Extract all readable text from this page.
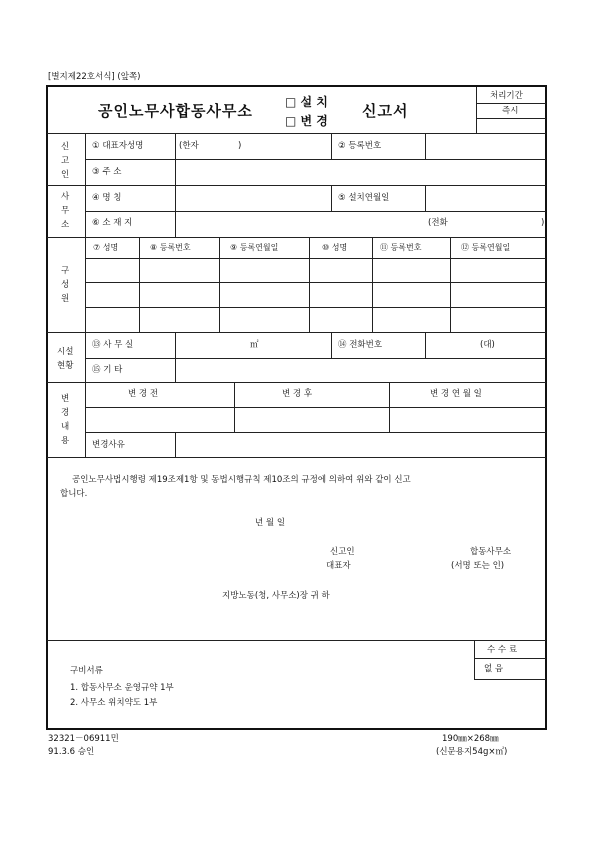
[별지제22호서식] (앞쪽)
공인노무사합동사무소	□ 설 치
□ 변 경
신고서
처리기간
즉시
신
고
인
① 대표자성명	(한자	)	② 등록번호
③ 주 소
사
무
소
④ 명 칭	⑤ 설치연월일
⑥ 소 재 지	(전화	)
구
성
원
⑦ 성명	⑧ 등록번호	⑨ 등록연월일	⑩ 성명	⑪ 등록번호	⑫ 등록연월일
시설
현황
⑬ 사 무 실	㎡	⑭ 전화번호	(대)
⑮ 기 타
변
경
내
용
변 경 전	변 경 후	변 경 연 월 일
변경사유
공인노무사법시행령 제19조제1항 및 동법시행규칙 제10조의 규정에 의하여 위와 같이 신고
합니다.
년 월 일
신고인
대표자
합동사무소
(서명 또는 인)
지방노동(청, 사무소)장 귀 하
수 수 료
없 음
구비서류
1. 합동사무소 운영규약 1부
2. 사무소 위치약도 1부
32321－06911민
91.3.6 승인
190㎜×268㎜
(신문용지54g×㎡)
